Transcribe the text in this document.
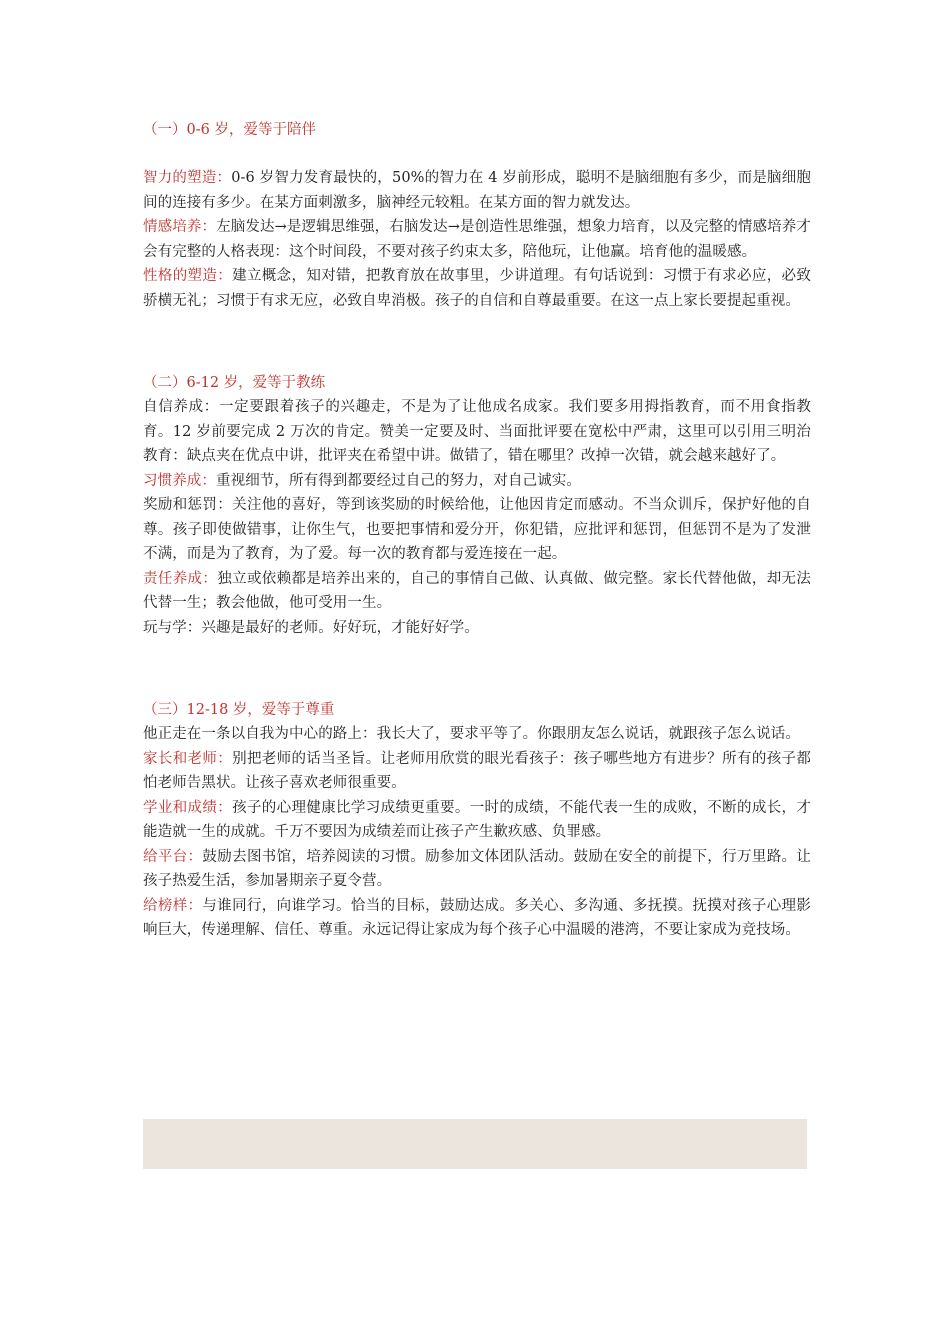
（一）0-6 岁，爱等于陪伴

智力的塑造：0-6 岁智力发育最快的，50%的智力在 4 岁前形成，聪明不是脑细胞有多少，而是脑细胞间的连接有多少。在某方面刺激多，脑神经元较粗。在某方面的智力就发达。

情感培养：左脑发达→是逻辑思维强，右脑发达→是创造性思维强，想象力培育，以及完整的情感培养才会有完整的人格表现：这个时间段，不要对孩子约束太多，陪他玩，让他赢。培育他的温暖感。

性格的塑造：建立概念，知对错，把教育放在故事里，少讲道理。有句话说到：习惯于有求必应，必致骄横无礼；习惯于有求无应，必致自卑消极。孩子的自信和自尊最重要。在这一点上家长要提起重视。

（二）6-12 岁，爱等于教练

自信养成：一定要跟着孩子的兴趣走，不是为了让他成名成家。我们要多用拇指教育，而不用食指教育。12 岁前要完成 2 万次的肯定。赞美一定要及时、当面批评要在宽松中严肃，这里可以引用三明治教育：缺点夹在优点中讲，批评夹在希望中讲。做错了，错在哪里？改掉一次错，就会越来越好了。

习惯养成：重视细节，所有得到都要经过自己的努力，对自己诚实。

奖励和惩罚：关注他的喜好，等到该奖励的时候给他，让他因肯定而感动。不当众训斥，保护好他的自尊。孩子即使做错事，让你生气，也要把事情和爱分开，你犯错，应批评和惩罚，但惩罚不是为了发泄不满，而是为了教育，为了爱。每一次的教育都与爱连接在一起。

责任养成：独立或依赖都是培养出来的，自己的事情自己做、认真做、做完整。家长代替他做，却无法代替一生；教会他做，他可受用一生。

玩与学：兴趣是最好的老师。好好玩，才能好好学。

（三）12-18 岁，爱等于尊重

他正走在一条以自我为中心的路上：我长大了，要求平等了。你跟朋友怎么说话，就跟孩子怎么说话。

家长和老师：别把老师的话当圣旨。让老师用欣赏的眼光看孩子：孩子哪些地方有进步？所有的孩子都怕老师告黑状。让孩子喜欢老师很重要。

学业和成绩：孩子的心理健康比学习成绩更重要。一时的成绩，不能代表一生的成败，不断的成长，才能造就一生的成就。千万不要因为成绩差而让孩子产生歉疚感、负罪感。

给平台：鼓励去图书馆，培养阅读的习惯。励参加文体团队活动。鼓励在安全的前提下，行万里路。让孩子热爱生活，参加暑期亲子夏令营。

给榜样：与谁同行，向谁学习。恰当的目标，鼓励达成。多关心、多沟通、多抚摸。抚摸对孩子心理影响巨大，传递理解、信任、尊重。永远记得让家成为每个孩子心中温暖的港湾，不要让家成为竞技场。
